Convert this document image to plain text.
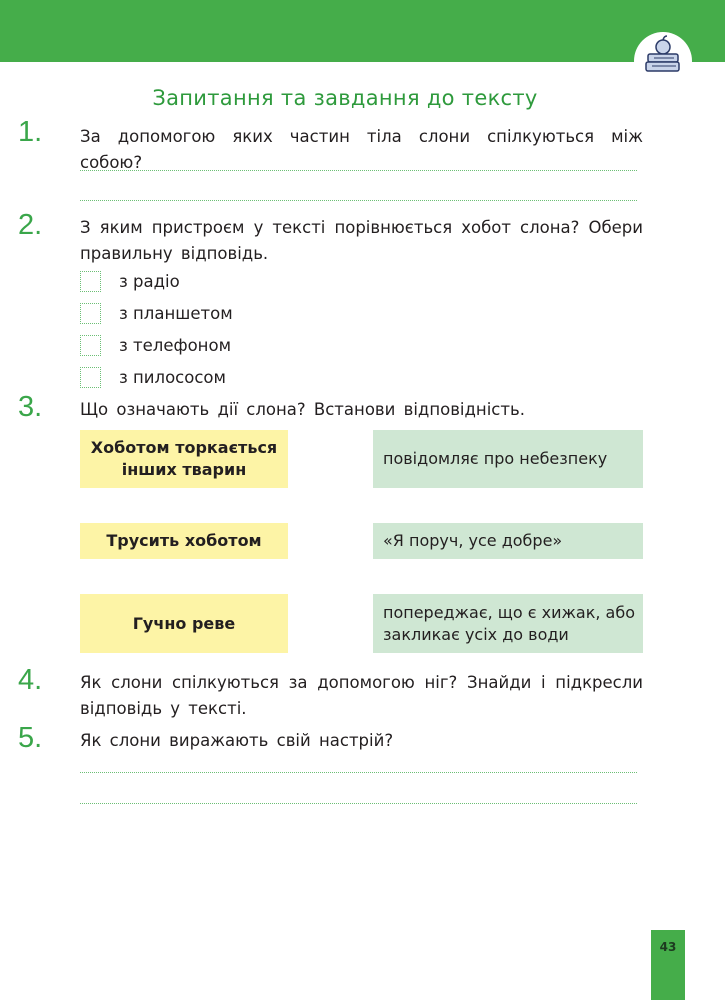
Запитання та завдання до тексту
1. За допомогою яких частин тіла слони спілкуються між собою?
2. З яким пристроєм у тексті порівнюється хобот слона? Обери правильну відповідь.
з радіо
з планшетом
з телефоном
з пилососом
3. Що означають дії слона? Встанови відповідність.
Хоботом торкається інших тварин
повідомляє про небезпеку
Трусить хоботом	«Я поруч, усе добре»
Гучно реве
попереджає, що є хижак, або закликає усіх до води
4. Як слони спілкуються за допомогою ніг? Знайди і підкресли відповідь у тексті.
5. Як слони виражають свій настрій?
43
